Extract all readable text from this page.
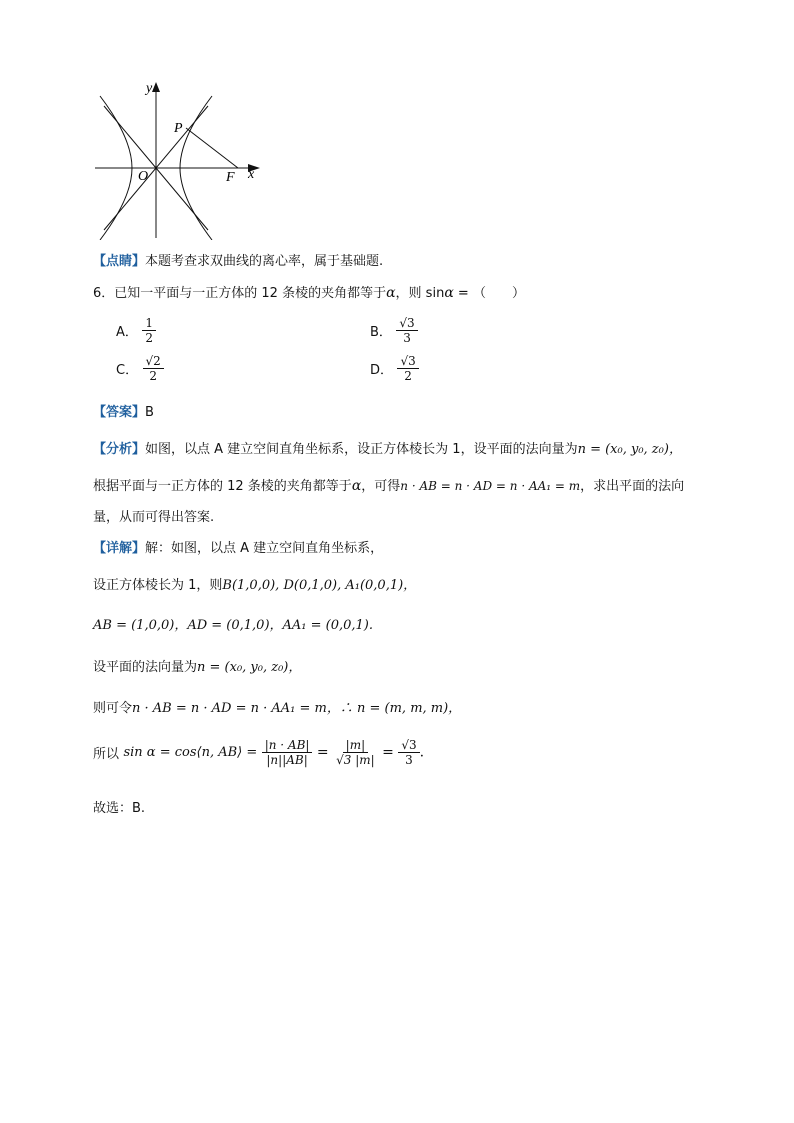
y
x
O
P
F
【点睛】本题考查求双曲线的离心率，属于基础题.
6．已知一平面与一正方体的 12 条棱的夹角都等于α，则 sinα = （　　）
A． $\frac{1}{2}$	B． $\frac{√3}{3}$
C． $\frac{√2}{2}$	D． $\frac{√3}{2}$
【答案】B
【分析】如图，以点 A 建立空间直角坐标系，设正方体棱长为 1，设平面的法向量为n = (x₀, y₀, z₀)，
根据平面与一正方体的 12 条棱的夹角都等于α，可得n · AB = n · AD = n · AA₁ = m，求出平面的法向
量，从而可得出答案.
【详解】解：如图，以点 A 建立空间直角坐标系，
设正方体棱长为 1，则B(1,0,0), D(0,1,0), A₁(0,0,1)，
AB = (1,0,0)，AD = (0,1,0)，AA₁ = (0,0,1).
设平面的法向量为n = (x₀, y₀, z₀)，
则可令n · AB = n · AD = n · AA₁ = m，∴ n = (m, m, m)，
所以 sin α = cos⟨n, AB⟩ = $\frac{|n \cdot AB|}{|n||AB|} = \frac{|m|}{√3 |m|} = \frac{√3}{3}$ .
故选：B.
